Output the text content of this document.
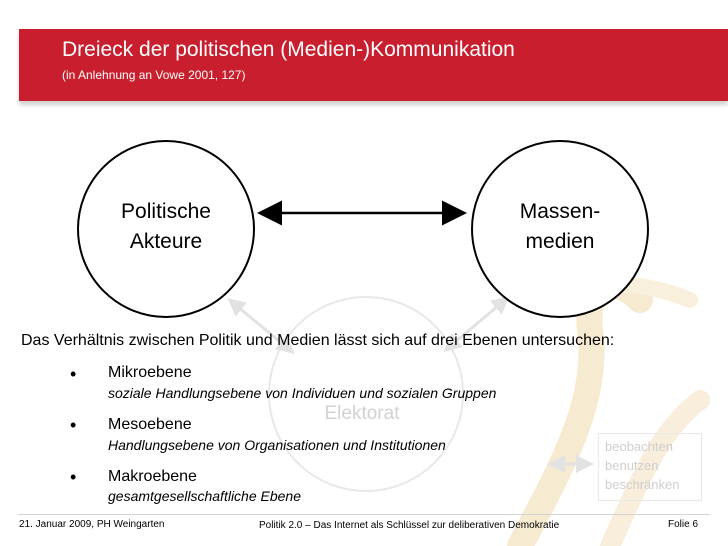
Dreieck der politischen (Medien-)Kommunikation
(in Anlehnung an Vowe 2001, 127)
Politische
Akteure
Massen-
medien
Elektorat
Das Verhältnis zwischen Politik und Medien lässt sich auf drei Ebenen untersuchen:
• Mikroebene
soziale Handlungsebene von Individuen und sozialen Gruppen
• Mesoebene
Handlungsebene von Organisationen und Institutionen
• Makroebene
gesamtgesellschaftliche Ebene
beobachten
benutzen
beschränken
21. Januar 2009, PH Weingarten	Politik 2.0 – Das Internet als Schlüssel zur deliberativen Demokratie	Folie 6
